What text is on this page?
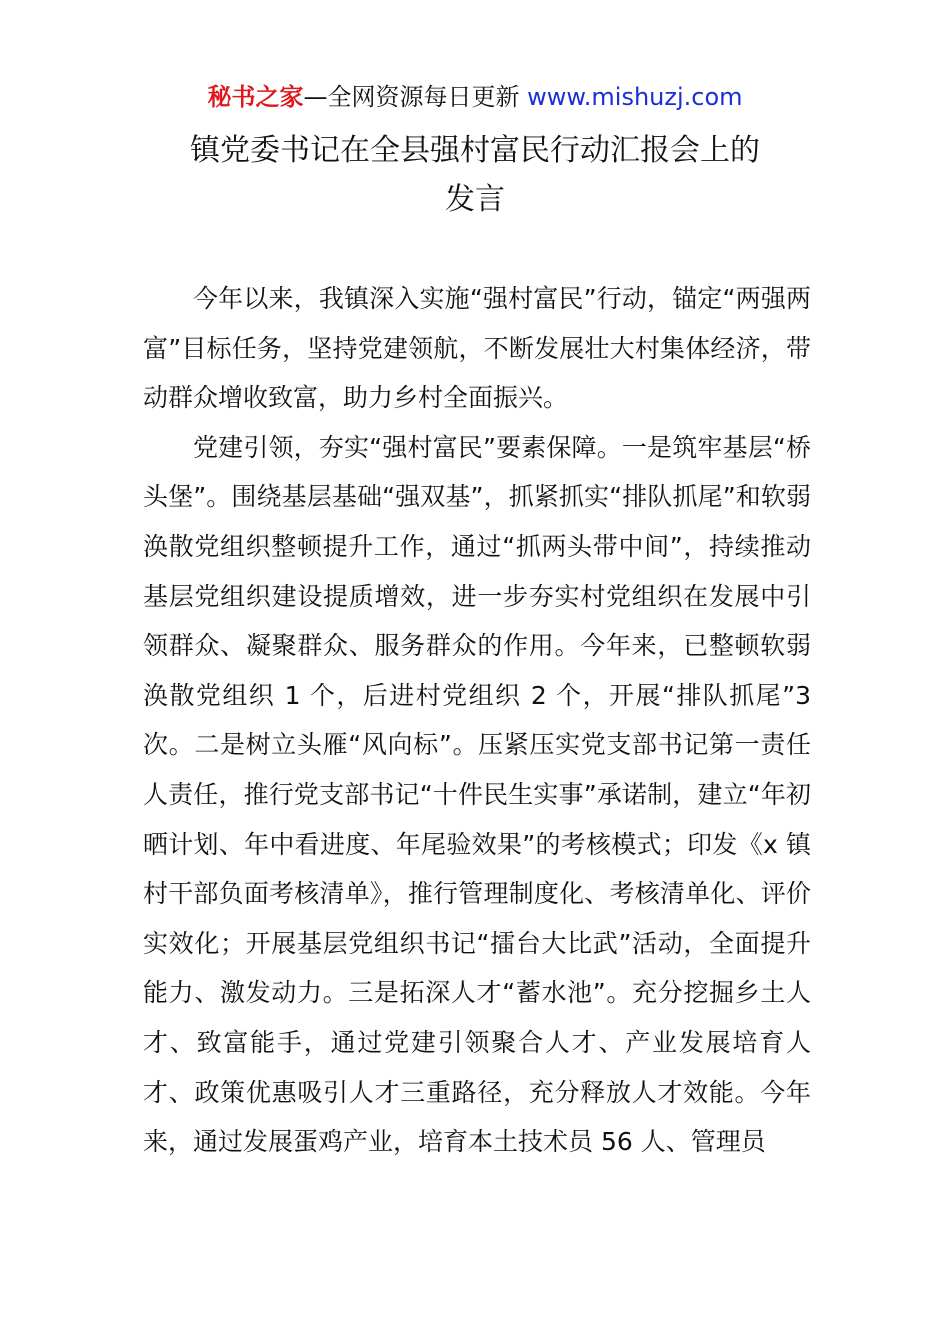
秘书之家—全网资源每日更新 www.mishuzj.com
镇党委书记在全县强村富民行动汇报会上的
发言

今年以来，我镇深入实施“强村富民”行动，锚定“两强两富”目标任务，坚持党建领航，不断发展壮大村集体经济，带动群众增收致富，助力乡村全面振兴。

党建引领，夯实“强村富民”要素保障。一是筑牢基层“桥头堡”。围绕基层基础“强双基”，抓紧抓实“排队抓尾”和软弱涣散党组织整顿提升工作，通过“抓两头带中间”，持续推动基层党组织建设提质增效，进一步夯实村党组织在发展中引领群众、凝聚群众、服务群众的作用。今年来，已整顿软弱涣散党组织 1 个，后进村党组织 2 个，开展“排队抓尾”3 次。二是树立头雁“风向标”。压紧压实党支部书记第一责任人责任，推行党支部书记“十件民生实事”承诺制，建立“年初晒计划、年中看进度、年尾验效果”的考核模式；印发《x 镇村干部负面考核清单》，推行管理制度化、考核清单化、评价实效化；开展基层党组织书记“擂台大比武”活动，全面提升能力、激发动力。三是拓深人才“蓄水池”。充分挖掘乡土人才、致富能手，通过党建引领聚合人才、产业发展培育人才、政策优惠吸引人才三重路径，充分释放人才效能。今年来，通过发展蛋鸡产业，培育本土技术员 56 人、管理员
